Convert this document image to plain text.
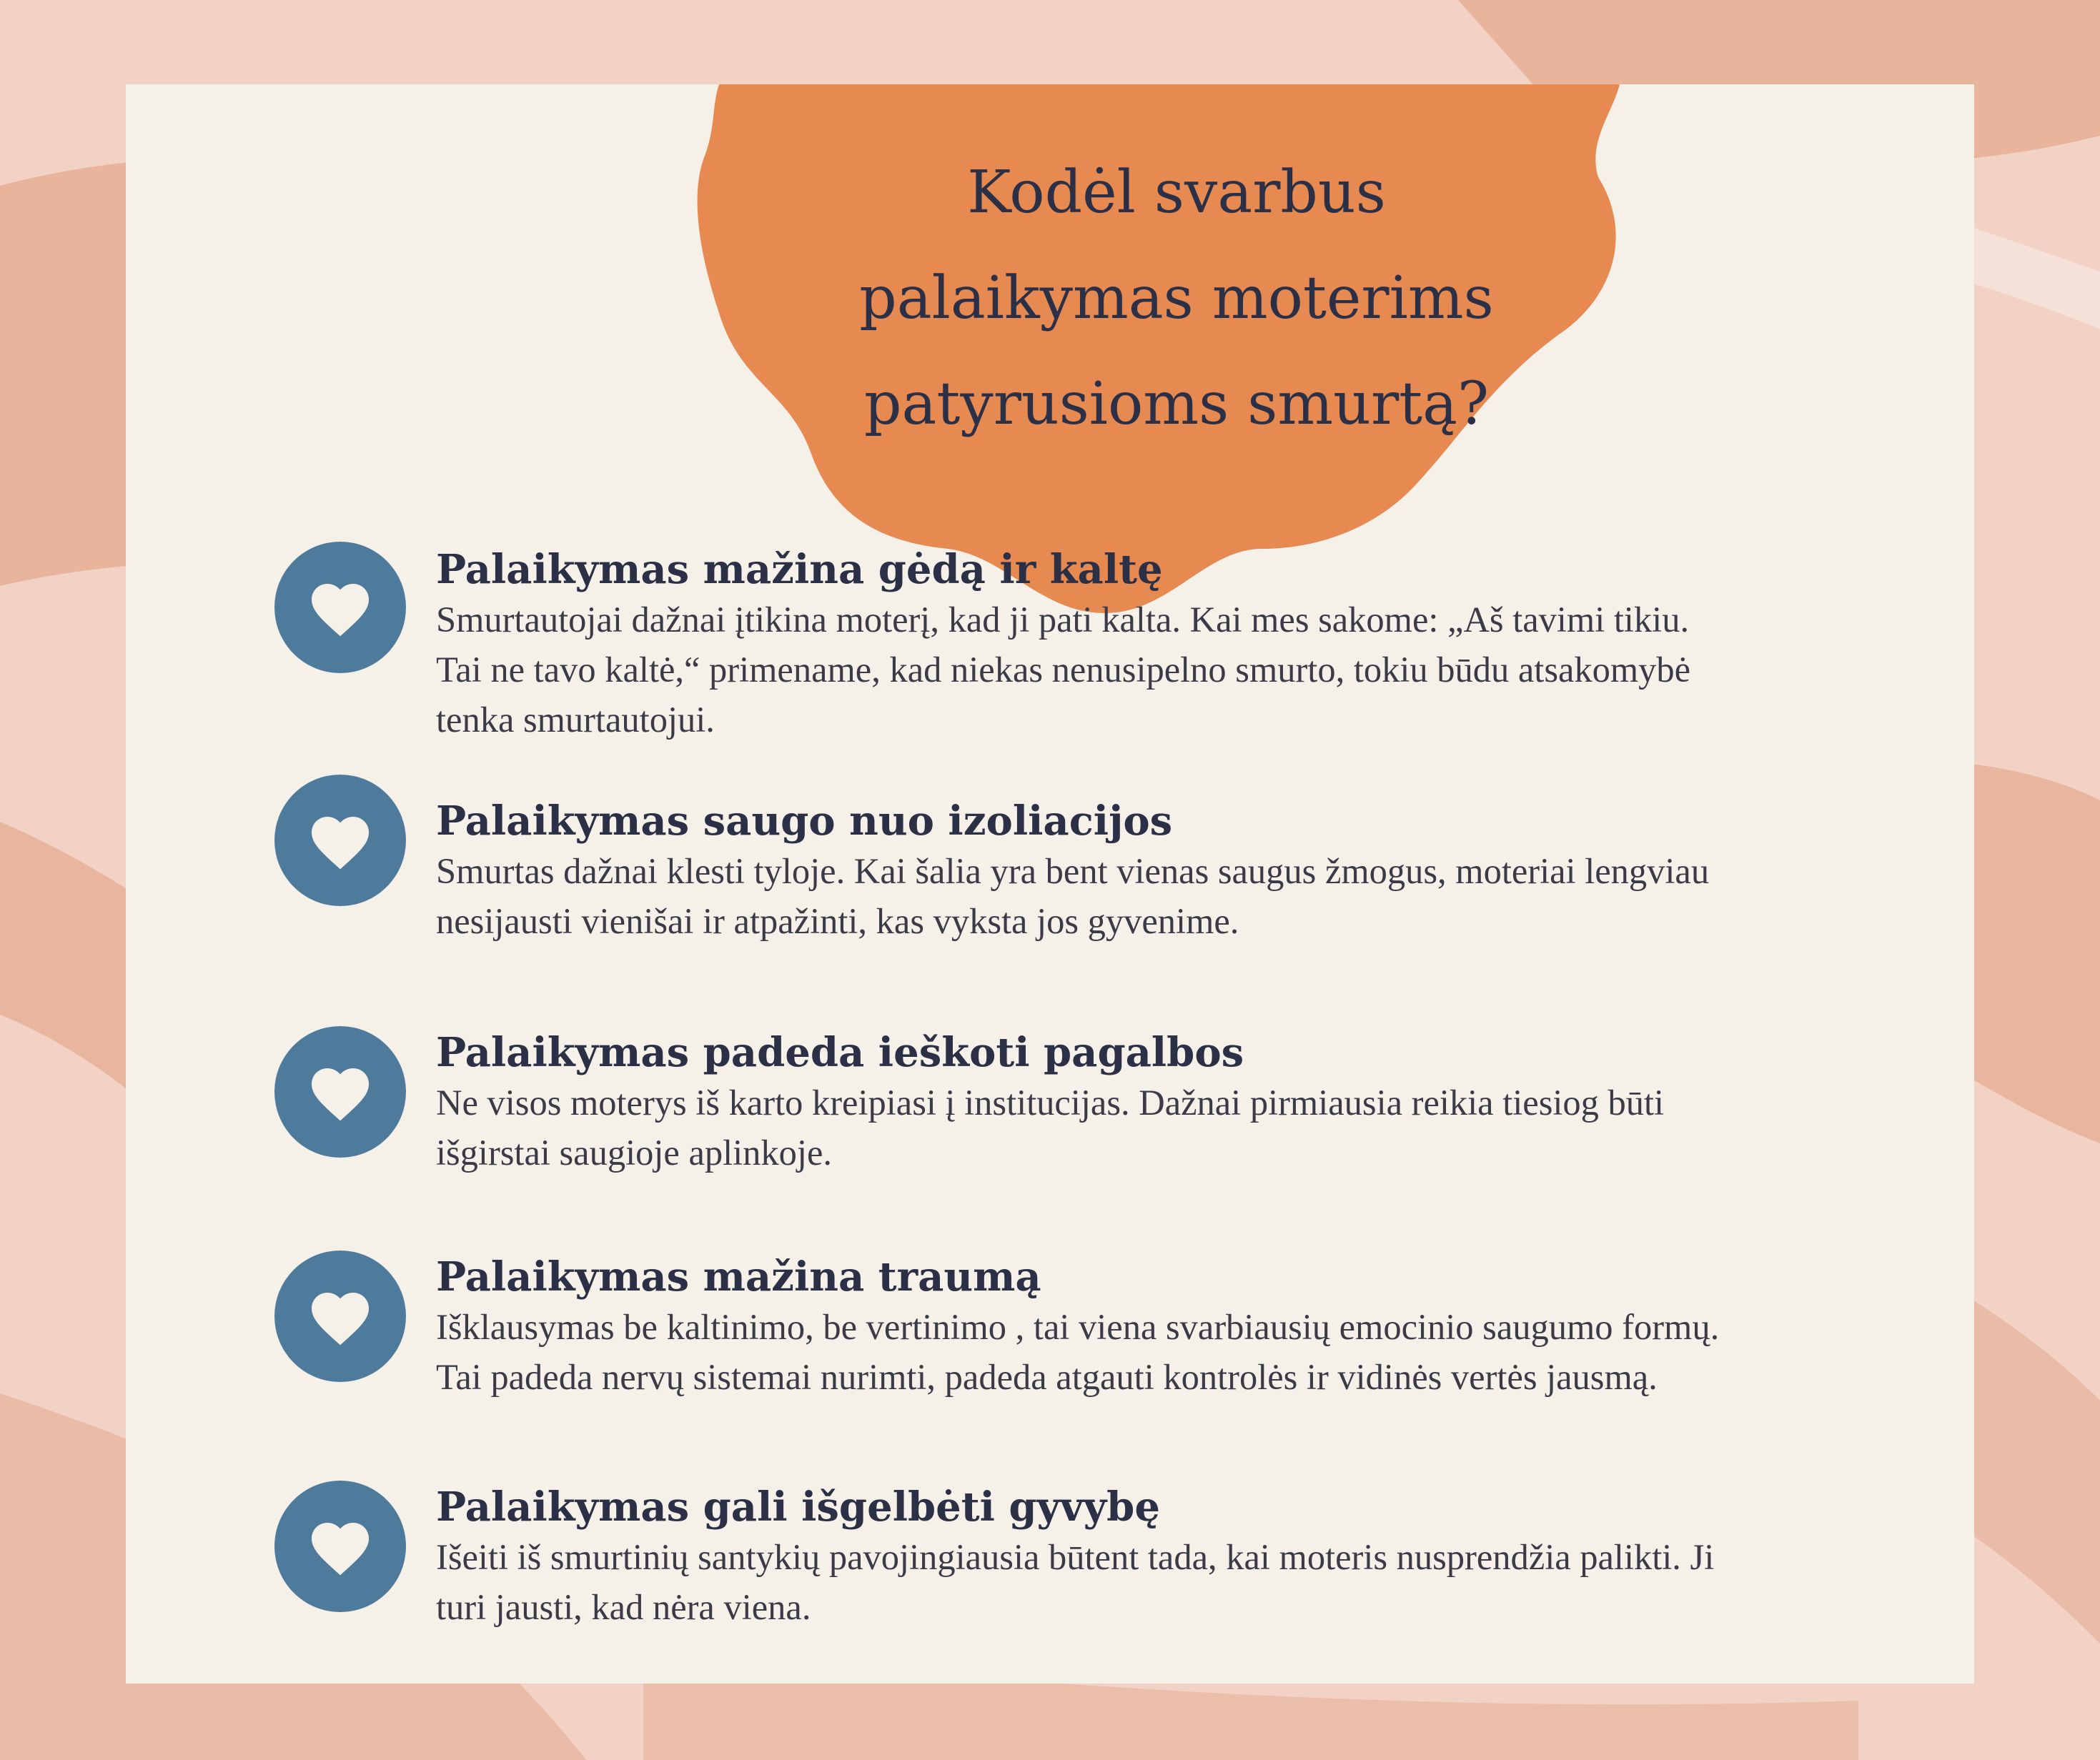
Kodėl svarbus
palaikymas moterims
patyrusioms smurtą?
Palaikymas mažina gėdą ir kaltę

Smurtautojai dažnai įtikina moterį, kad ji pati kalta. Kai mes sakome: „Aš tavimi tikiu.
Tai ne tavo kaltė,“ primename, kad niekas nenusipelno smurto, tokiu būdu atsakomybė
tenka smurtautojui.

Palaikymas saugo nuo izoliacijos

Smurtas dažnai klesti tyloje. Kai šalia yra bent vienas saugus žmogus, moteriai lengviau
nesijausti vienišai ir atpažinti, kas vyksta jos gyvenime.

Palaikymas padeda ieškoti pagalbos

Ne visos moterys iš karto kreipiasi į institucijas. Dažnai pirmiausia reikia tiesiog būti
išgirstai saugioje aplinkoje.

Palaikymas mažina traumą

Išklausymas be kaltinimo, be vertinimo , tai viena svarbiausių emocinio saugumo formų.
Tai padeda nervų sistemai nurimti, padeda atgauti kontrolės ir vidinės vertės jausmą.

Palaikymas gali išgelbėti gyvybę

Išeiti iš smurtinių santykių pavojingiausia būtent tada, kai moteris nusprendžia palikti. Ji
turi jausti, kad nėra viena.
